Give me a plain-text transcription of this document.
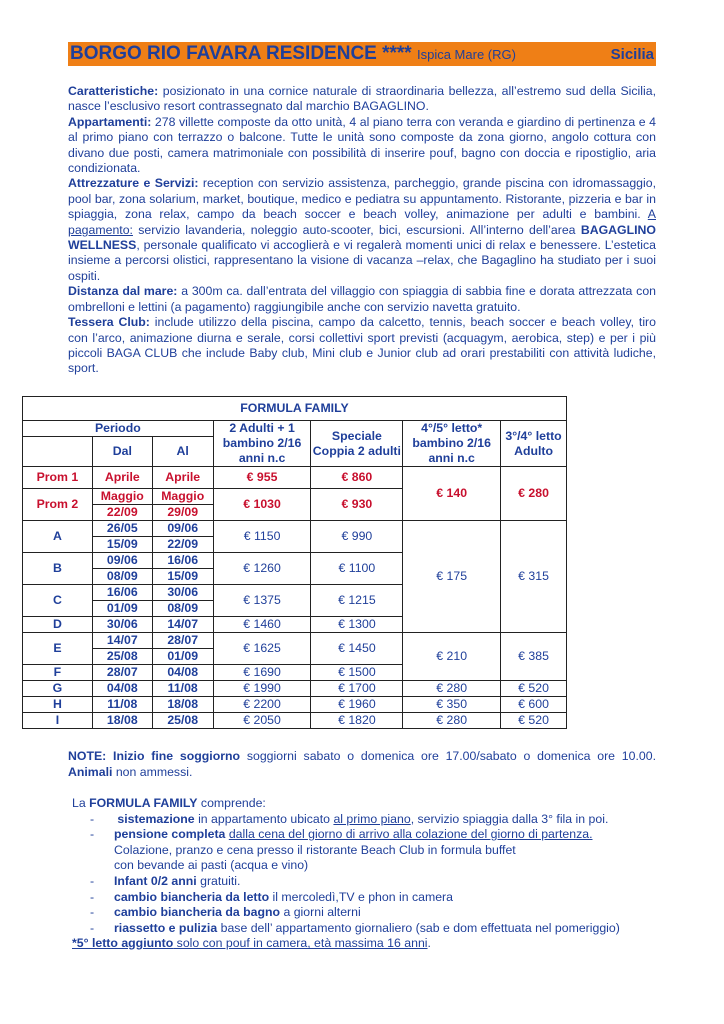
BORGO RIO FAVARA RESIDENCE **** Ispica Mare (RG)	Sicilia

Caratteristiche: posizionato in una cornice naturale di straordinaria bellezza, all’estremo sud della Sicilia, nasce l’esclusivo resort contrassegnato dal marchio BAGAGLINO.

Appartamenti: 278 villette composte da otto unità, 4 al piano terra con veranda e giardino di pertinenza e 4 al primo piano con terrazzo o balcone. Tutte le unità sono composte da zona giorno, angolo cottura con divano due posti, camera matrimoniale con possibilità di inserire pouf, bagno con doccia e ripostiglio, aria condizionata.

Attrezzature e Servizi: reception con servizio assistenza, parcheggio, grande piscina con idromassaggio, pool bar, zona solarium, market, boutique, medico e pediatra su appuntamento. Ristorante, pizzeria e bar in spiaggia, zona relax, campo da beach soccer e beach volley, animazione per adulti e bambini. A pagamento: servizio lavanderia, noleggio auto-scooter, bici, escursioni. All’interno dell’area BAGAGLINO WELLNESS, personale qualificato vi accoglierà e vi regalerà momenti unici di relax e benessere. L’estetica insieme a percorsi olistici, rappresentano la visione di vacanza –relax, che Bagaglino ha studiato per i suoi ospiti.

Distanza dal mare: a 300m ca. dall’entrata del villaggio con spiaggia di sabbia fine e dorata attrezzata con ombrelloni e lettini (a pagamento) raggiungibile anche con servizio navetta gratuito.

Tessera Club: include utilizzo della piscina, campo da calcetto, tennis, beach soccer e beach volley, tiro con l’arco, animazione diurna e serale, corsi collettivi sport previsti (acquagym, aerobica, step) e per i più piccoli BAGA CLUB che include Baby club, Mini club e Junior club ad orari prestabiliti con attività ludiche, sport.

FORMULA FAMILY						
Periodo			2 Adulti + 1 bambino 2/16 anni n.c	Speciale Coppia 2 adulti	4°/5° letto* bambino 2/16 anni n.c	3°/4° letto Adulto
	Dal	Al				
Prom 1	Aprile	Aprile	€ 955	€ 860	€ 140	€ 280
Prom 2	Maggio	Maggio	€ 1030	€ 930		
	22/09	29/09				
A	26/05	09/06	€ 1150	€ 990	€ 175	€ 315
	15/09	22/09				
B	09/06	16/06	€ 1260	€ 1100		
	08/09	15/09				
C	16/06	30/06	€ 1375	€ 1215		
	01/09	08/09				
D	30/06	14/07	€ 1460	€ 1300		
E	14/07	28/07	€ 1625	€ 1450	€ 210	€ 385
	25/08	01/09				
F	28/07	04/08	€ 1690	€ 1500		
G	04/08	11/08	€ 1990	€ 1700	€ 280	€ 520
H	11/08	18/08	€ 2200	€ 1960	€ 350	€ 600
I	18/08	25/08	€ 2050	€ 1820	€ 280	€ 520
NOTE: Inizio fine soggiorno soggiorni sabato o domenica ore 17.00/sabato o domenica ore 10.00. Animali non ammessi.
La FORMULA FAMILY comprende:
-	sistemazione in appartamento ubicato al primo piano, servizio spiaggia dalla 3° fila in poi.
-	pensione completa dalla cena del giorno di arrivo alla colazione del giorno di partenza.
Colazione, pranzo e cena presso il ristorante Beach Club in formula buffet
con bevande ai pasti (acqua e vino)
-	Infant 0/2 anni gratuiti.
-	cambio biancheria da letto il mercoledì,TV e phon in camera
-	cambio biancheria da bagno a giorni alterni
-	riassetto e pulizia base dell’ appartamento giornaliero (sab e dom effettuata nel pomeriggio)
*5° letto aggiunto solo con pouf in camera, età massima 16 anni.
